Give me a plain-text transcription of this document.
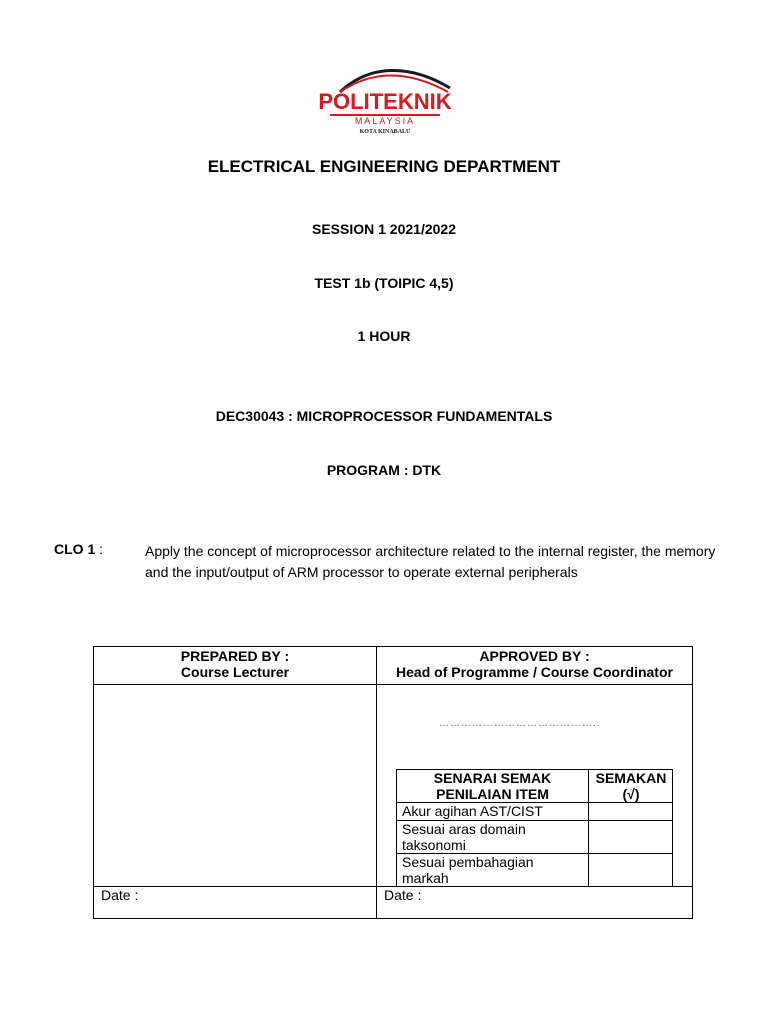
POLITEKNIK
MALAYSIA
KOTA KINABALU
ELECTRICAL ENGINEERING DEPARTMENT
SESSION 1 2021/2022
TEST 1b (TOIPIC 4,5)
1 HOUR
DEC30043 : MICROPROCESSOR FUNDAMENTALS
PROGRAM : DTK
CLO 1 :	Apply the concept of microprocessor architecture related to the internal register, the memory and the input/output of ARM processor to operate external peripherals
PREPARED BY :
Course Lecturer
APPROVED BY :
Head of Programme / Course Coordinator
……………………………………..
SENARAI SEMAK
PENILAIAN ITEM
SEMAKAN
(√)
Akur agihan AST/CIST
Sesuai aras domain
taksonomi
Sesuai pembahagian
markah
Date :	Date :
